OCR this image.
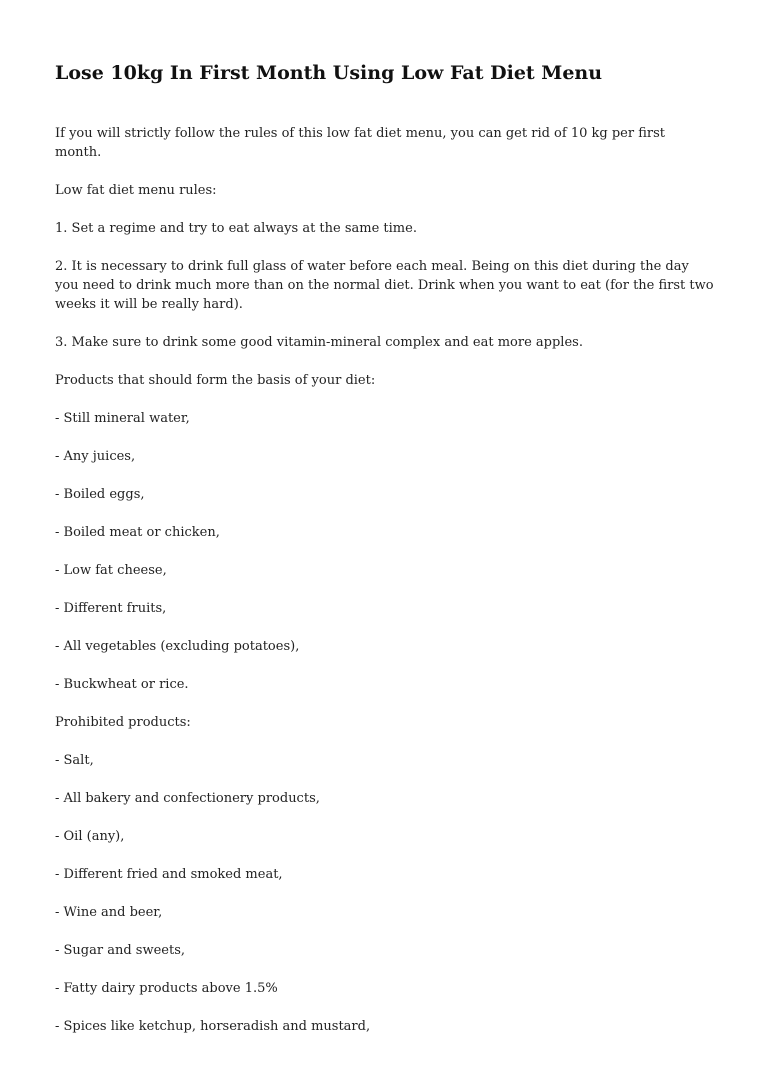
Lose 10kg In First Month Using Low Fat Diet Menu

If you will strictly follow the rules of this low fat diet menu, you can get rid of 10 kg per first month.

Low fat diet menu rules:

1. Set a regime and try to eat always at the same time.

2. It is necessary to drink full glass of water before each meal. Being on this diet during the day you need to drink much more than on the normal diet. Drink when you want to eat (for the first two weeks it will be really hard).

3. Make sure to drink some good vitamin-mineral complex and eat more apples.

Products that should form the basis of your diet:

- Still mineral water,
- Any juices,
- Boiled eggs,
- Boiled meat or chicken,
- Low fat cheese,
- Different fruits,
- All vegetables (excluding potatoes),
- Buckwheat or rice.

Prohibited products:

- Salt,
- All bakery and confectionery products,
- Oil (any),
- Different fried and smoked meat,
- Wine and beer,
- Sugar and sweets,
- Fatty dairy products above 1.5%
- Spices like ketchup, horseradish and mustard,
